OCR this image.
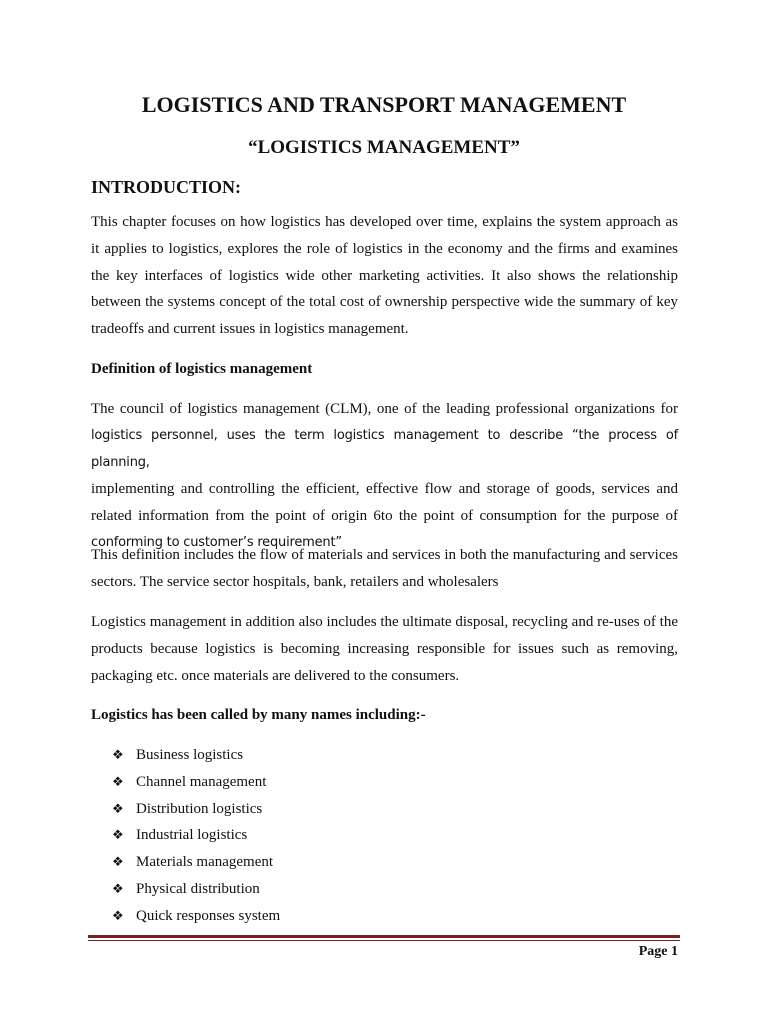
LOGISTICS AND TRANSPORT MANAGEMENT
“LOGISTICS MANAGEMENT”
INTRODUCTION:

This chapter focuses on how logistics has developed over time, explains the system approach as it applies to logistics, explores the role of logistics in the economy and the firms and examines the key interfaces of logistics wide other marketing activities. It also shows the relationship between the systems concept of the total cost of ownership perspective wide the summary of key tradeoffs and current issues in logistics management.

Definition of logistics management

The council of logistics management (CLM), one of the leading professional organizations for
logistics personnel, uses the term logistics management to describe “the process of planning,
implementing and controlling the efficient, effective flow and storage of goods, services and related information from the point of origin 6to the point of consumption for the purpose of
conforming to customer’s requirement”

This definition includes the flow of materials and services in both the manufacturing and services sectors. The service sector hospitals, bank, retailers and wholesalers

Logistics management in addition also includes the ultimate disposal, recycling and re-uses of the products because logistics is becoming increasing responsible for issues such as removing, packaging etc. once materials are delivered to the consumers.

Logistics has been called by many names including:-

❖ Business logistics
❖ Channel management
❖ Distribution logistics
❖ Industrial logistics
❖ Materials management
❖ Physical distribution
❖ Quick responses system
Page 1
